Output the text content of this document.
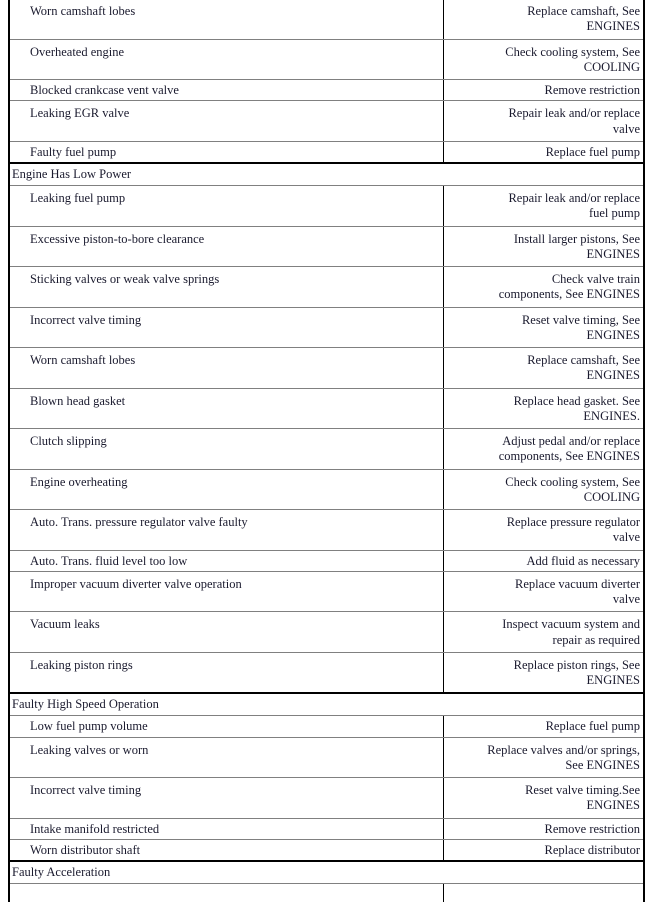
Worn camshaft lobes	Replace camshaft, See
ENGINES
Overheated engine	Check cooling system, See
COOLING
Blocked crankcase vent valve	Remove restriction
Leaking EGR valve	Repair leak and/or replace
valve
Faulty fuel pump	Replace fuel pump
Engine Has Low Power
Leaking fuel pump	Repair leak and/or replace
fuel pump
Excessive piston-to-bore clearance	Install larger pistons, See
ENGINES
Sticking valves or weak valve springs	Check valve train
components, See ENGINES
Incorrect valve timing	Reset valve timing, See
ENGINES
Worn camshaft lobes	Replace camshaft, See
ENGINES
Blown head gasket	Replace head gasket. See
ENGINES.
Clutch slipping	Adjust pedal and/or replace
components, See ENGINES
Engine overheating	Check cooling system, See
COOLING
Auto. Trans. pressure regulator valve faulty	Replace pressure regulator
valve
Auto. Trans. fluid level too low	Add fluid as necessary
Improper vacuum diverter valve operation	Replace vacuum diverter
valve
Vacuum leaks	Inspect vacuum system and
repair as required
Leaking piston rings	Replace piston rings, See
ENGINES
Faulty High Speed Operation
Low fuel pump volume	Replace fuel pump
Leaking valves or worn	Replace valves and/or springs,
See ENGINES
Incorrect valve timing	Reset valve timing.See
ENGINES
Intake manifold restricted	Remove restriction
Worn distributor shaft	Replace distributor
Faulty Acceleration
